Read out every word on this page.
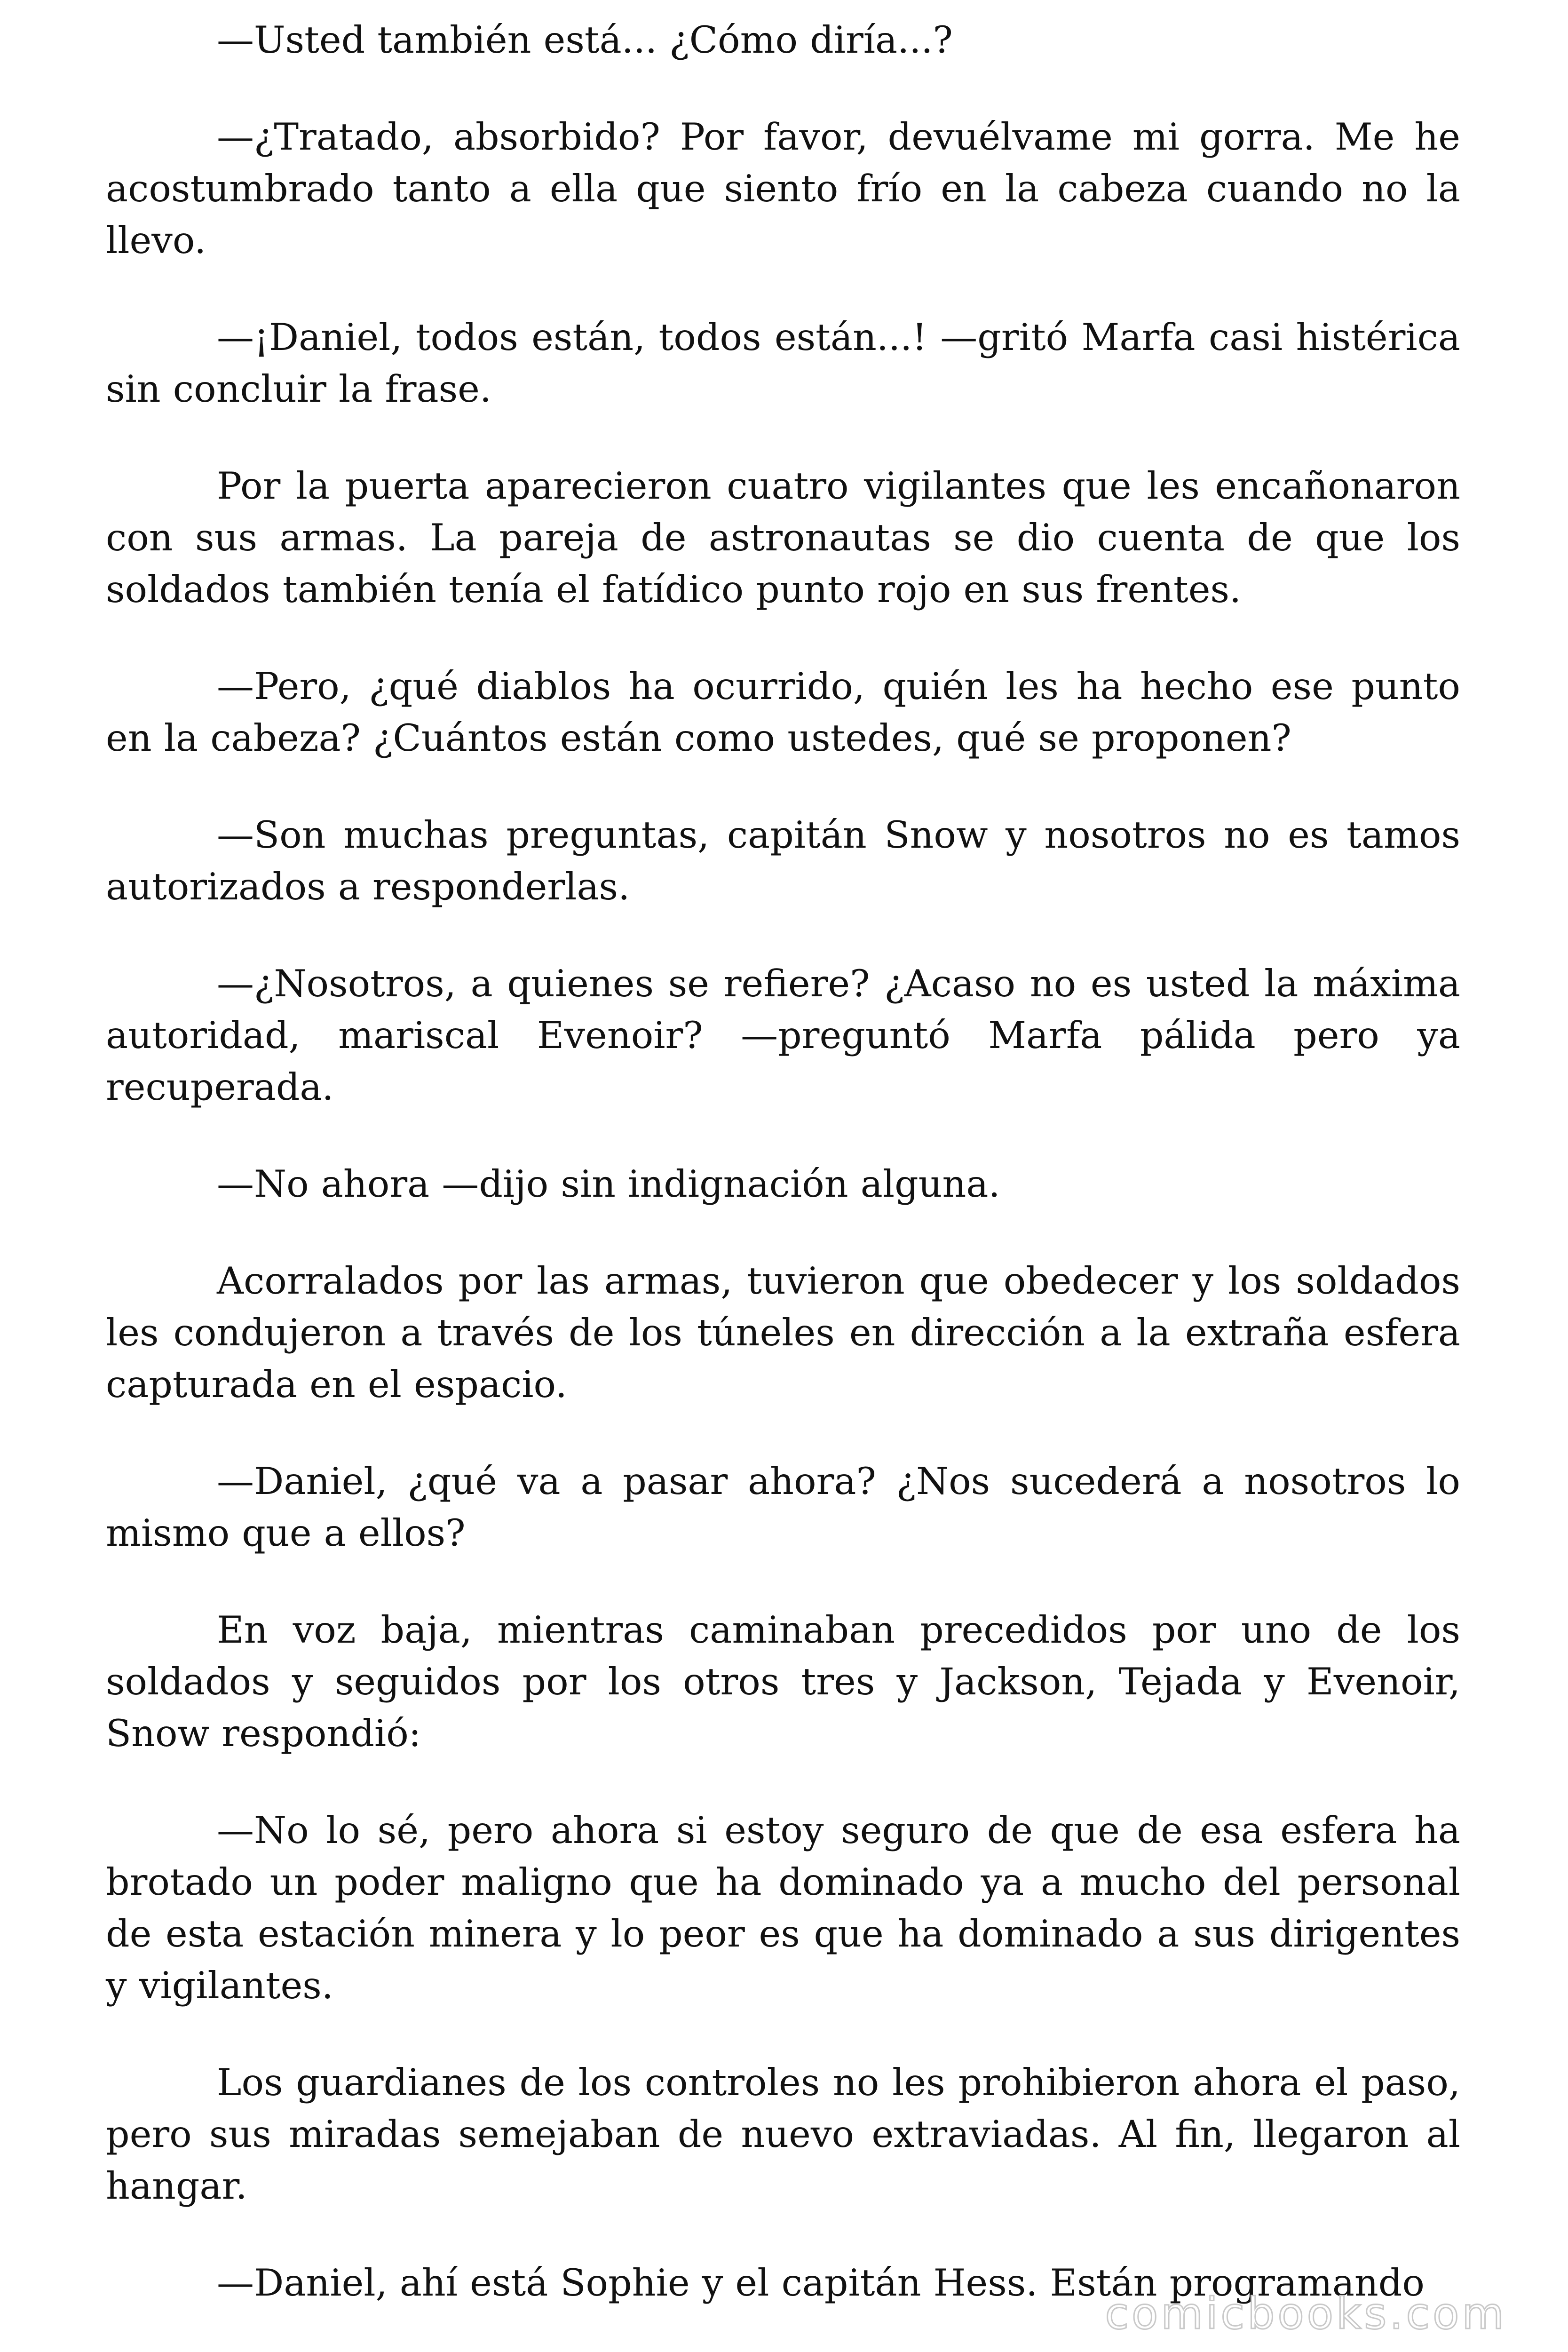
—Usted también está... ¿Cómo diría...?

—¿Tratado, absorbido? Por favor, devuélvame mi gorra. Me he acostumbrado tanto a ella que siento frío en la cabeza cuando no la llevo.

—¡Daniel, todos están, todos están...! —gritó Marfa casi histérica sin concluir la frase.

Por la puerta aparecieron cuatro vigilantes que les encañonaron con sus armas. La pareja de astronautas se dio cuenta de que los soldados también tenía el fatídico punto rojo en sus frentes.

—Pero, ¿qué diablos ha ocurrido, quién les ha hecho ese punto en la cabeza? ¿Cuántos están como ustedes, qué se proponen?

—Son muchas preguntas, capitán Snow y nosotros no es tamos autorizados a responderlas.

—¿Nosotros, a quienes se refiere? ¿Acaso no es usted la máxima autoridad, mariscal Evenoir? —preguntó Marfa pálida pero ya recuperada.

—No ahora —dijo sin indignación alguna.

Acorralados por las armas, tuvieron que obedecer y los soldados les condujeron a través de los túneles en dirección a la extraña esfera capturada en el espacio.

—Daniel, ¿qué va a pasar ahora? ¿Nos sucederá a nosotros lo mismo que a ellos?

En voz baja, mientras caminaban precedidos por uno de los soldados y seguidos por los otros tres y Jackson, Tejada y Evenoir, Snow respondió:

—No lo sé, pero ahora si estoy seguro de que de esa esfera ha brotado un poder maligno que ha dominado ya a mucho del personal de esta estación minera y lo peor es que ha dominado a sus dirigentes y vigilantes.

Los guardianes de los controles no les prohibieron ahora el paso, pero sus miradas semejaban de nuevo extraviadas. Al fin, llegaron al hangar.

—Daniel, ahí está Sophie y el capitán Hess. Están programando

comicbooks.com
